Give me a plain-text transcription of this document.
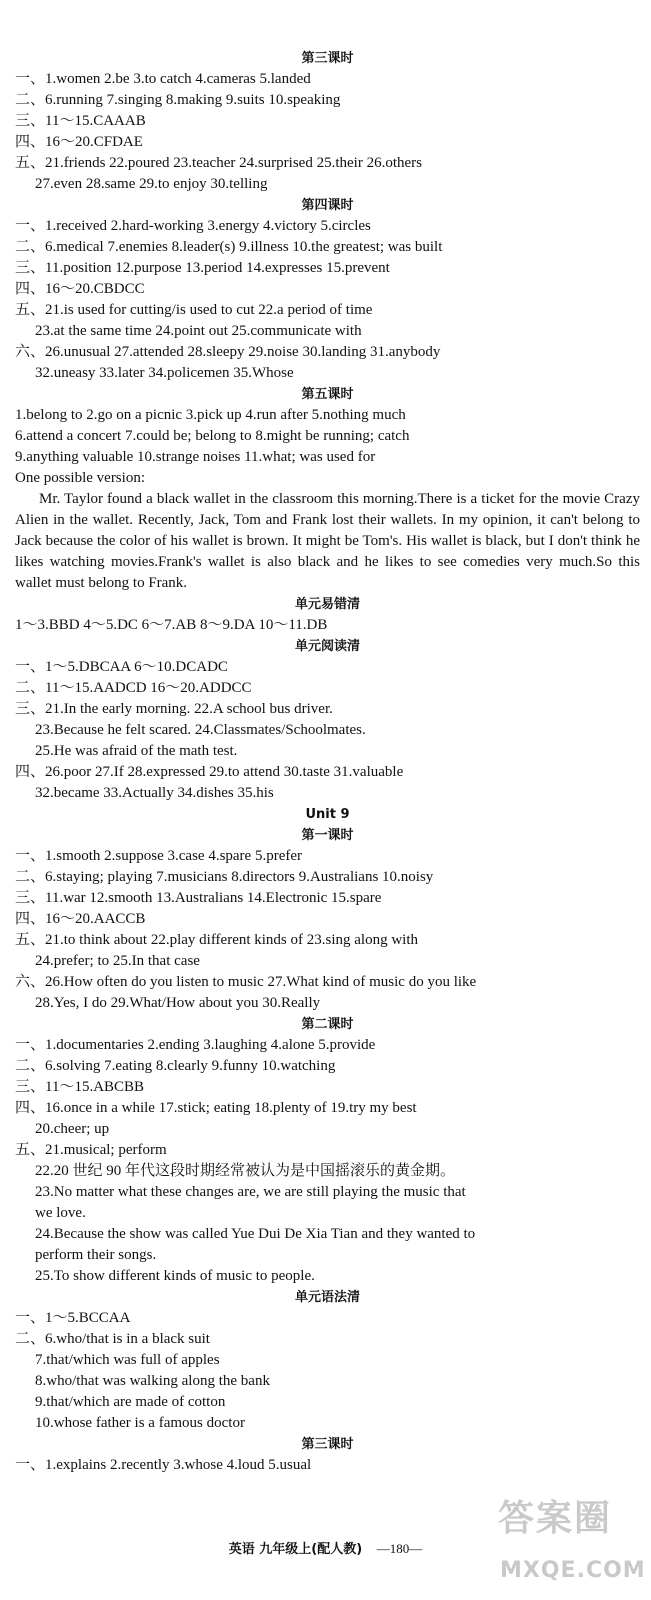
第三课时
一、1.women 2.be 3.to catch 4.cameras 5.landed
二、6.running 7.singing 8.making 9.suits 10.speaking
三、11～15.CAAAB
四、16～20.CFDAE
五、21.friends 22.poured 23.teacher 24.surprised 25.their 26.others
27.even 28.same 29.to enjoy 30.telling
第四课时
一、1.received 2.hard-working 3.energy 4.victory 5.circles
二、6.medical 7.enemies 8.leader(s) 9.illness 10.the greatest; was built
三、11.position 12.purpose 13.period 14.expresses 15.prevent
四、16～20.CBDCC
五、21.is used for cutting/is used to cut 22.a period of time
23.at the same time 24.point out 25.communicate with
六、26.unusual 27.attended 28.sleepy 29.noise 30.landing 31.anybody
32.uneasy 33.later 34.policemen 35.Whose
第五课时
1.belong to 2.go on a picnic 3.pick up 4.run after 5.nothing much
6.attend a concert 7.could be; belong to 8.might be running; catch
9.anything valuable 10.strange noises 11.what; was used for
One possible version:
Mr. Taylor found a black wallet in the classroom this morning.There is a ticket for the movie Crazy Alien in the wallet. Recently, Jack, Tom and Frank lost their wallets. In my opinion, it can't belong to Jack because the color of his wallet is brown. It might be Tom's. His wallet is black, but I don't think he likes watching movies.Frank's wallet is also black and he likes to see comedies very much.So this wallet must belong to Frank.
单元易错清
1～3.BBD 4～5.DC 6～7.AB 8～9.DA 10～11.DB
单元阅读清
一、1～5.DBCAA 6～10.DCADC
二、11～15.AADCD 16～20.ADDCC
三、21.In the early morning. 22.A school bus driver.
23.Because he felt scared. 24.Classmates/Schoolmates.
25.He was afraid of the math test.
四、26.poor 27.If 28.expressed 29.to attend 30.taste 31.valuable
32.became 33.Actually 34.dishes 35.his
Unit 9
第一课时
一、1.smooth 2.suppose 3.case 4.spare 5.prefer
二、6.staying; playing 7.musicians 8.directors 9.Australians 10.noisy
三、11.war 12.smooth 13.Australians 14.Electronic 15.spare
四、16～20.AACCB
五、21.to think about 22.play different kinds of 23.sing along with
24.prefer; to 25.In that case
六、26.How often do you listen to music 27.What kind of music do you like
28.Yes, I do 29.What/How about you 30.Really
第二课时
一、1.documentaries 2.ending 3.laughing 4.alone 5.provide
二、6.solving 7.eating 8.clearly 9.funny 10.watching
三、11～15.ABCBB
四、16.once in a while 17.stick; eating 18.plenty of 19.try my best
20.cheer; up
五、21.musical; perform
22.20 世纪 90 年代这段时期经常被认为是中国摇滚乐的黄金期。
23.No matter what these changes are, we are still playing the music that
we love.
24.Because the show was called Yue Dui De Xia Tian and they wanted to
perform their songs.
25.To show different kinds of music to people.
单元语法清
一、1～5.BCCAA
二、6.who/that is in a black suit
7.that/which was full of apples
8.who/that was walking along the bank
9.that/which are made of cotton
10.whose father is a famous doctor
第三课时
一、1.explains 2.recently 3.whose 4.loud 5.usual
英语 九年级上(配人教) —180—
答案圈
MXQE.COM
